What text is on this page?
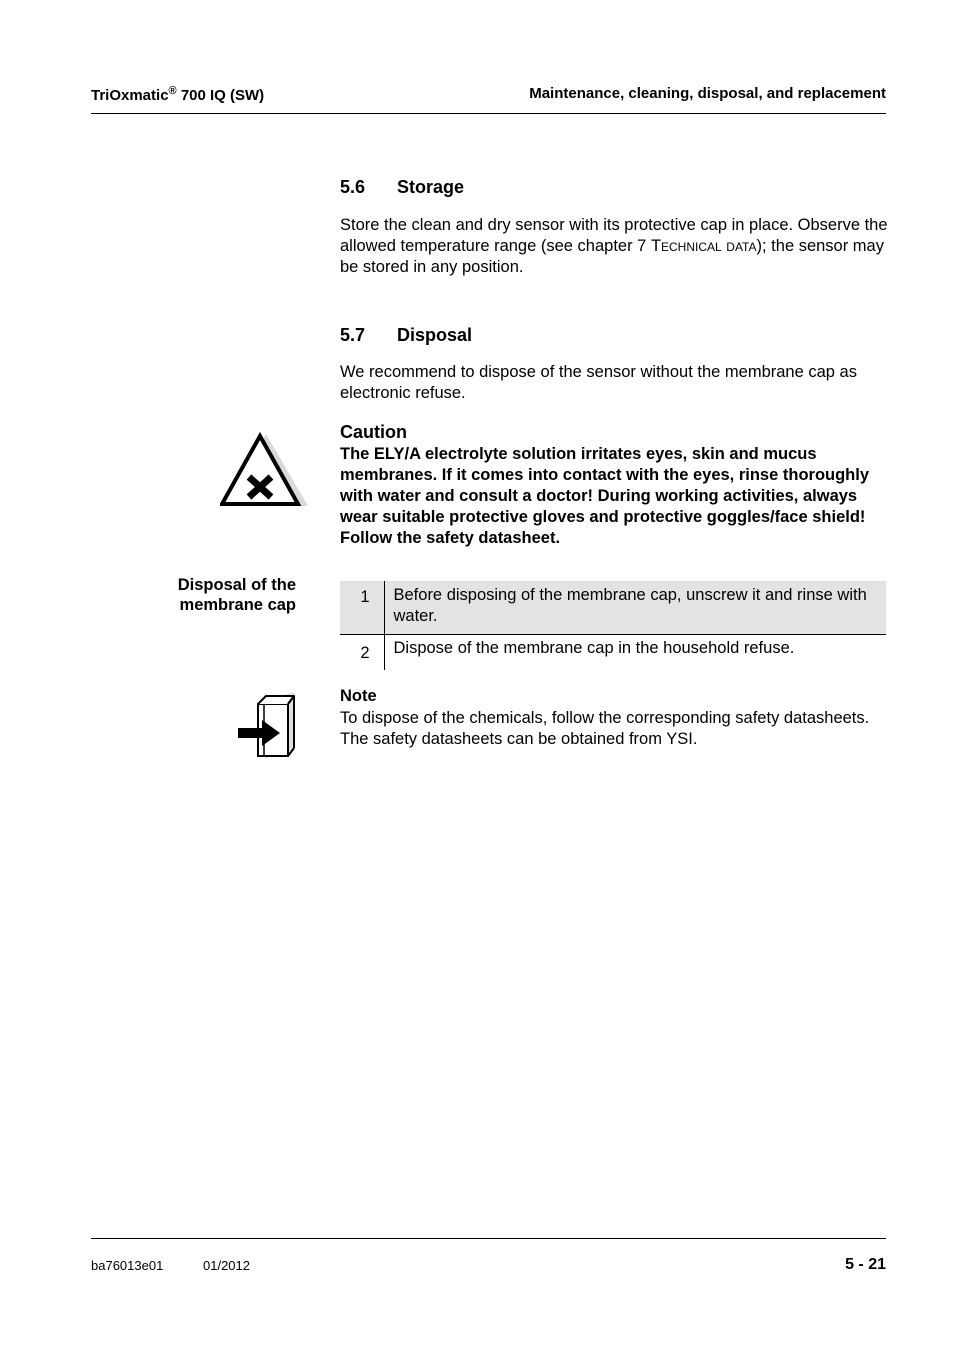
TriOxmatic® 700 IQ (SW)	Maintenance, cleaning, disposal, and replacement
5.6 Storage
Store the clean and dry sensor with its protective cap in place. Observe the allowed temperature range (see chapter 7 Technical data); the sensor may be stored in any position.
5.7 Disposal
We recommend to dispose of the sensor without the membrane cap as electronic refuse.
Caution
The ELY/A electrolyte solution irritates eyes, skin and mucus membranes. If it comes into contact with the eyes, rinse thoroughly with water and consult a doctor! During working activities, always wear suitable protective gloves and protective goggles/face shield! Follow the safety datasheet.
Disposal of the
membrane cap	1	Before disposing of the membrane cap, unscrew it and rinse with water.
2	Dispose of the membrane cap in the household refuse.
Note
To dispose of the chemicals, follow the corresponding safety datasheets. The safety datasheets can be obtained from YSI.
ba76013e01	01/2012	5 - 21
